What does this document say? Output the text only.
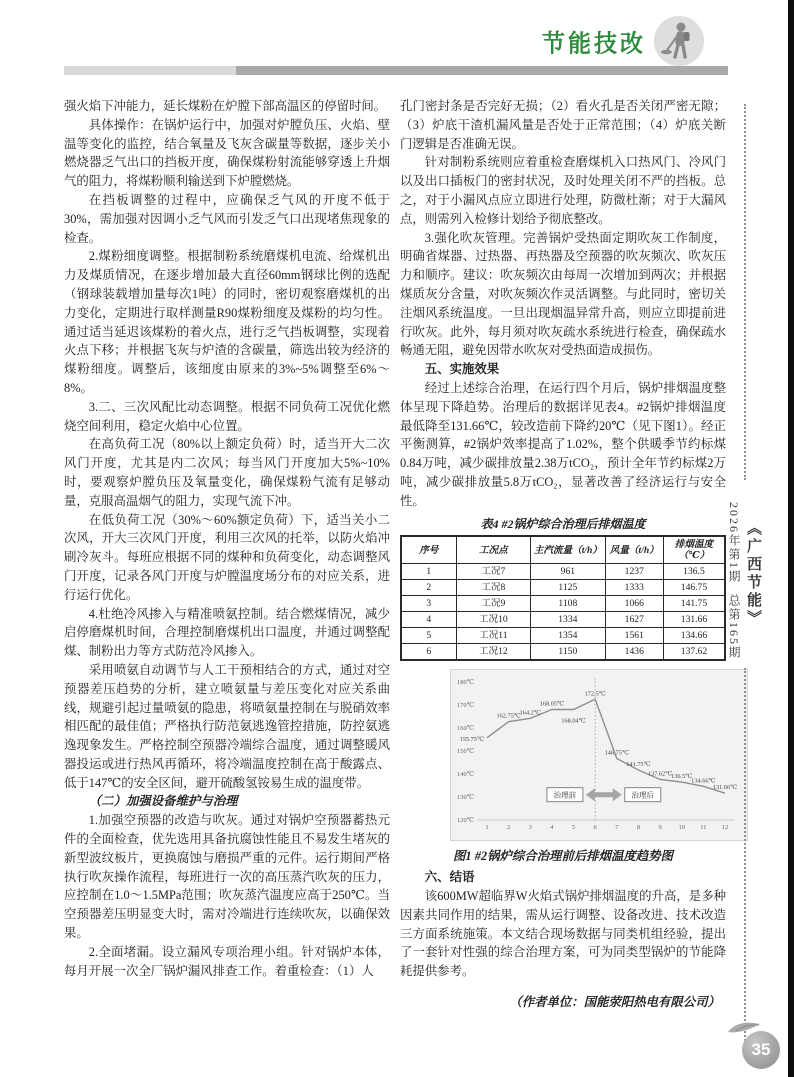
节能技改

强火焰下冲能力，延长煤粉在炉膛下部高温区的停留时间。

具体操作：在锅炉运行中，加强对炉膛负压、火焰、壁温等变化的监控，结合氧量及飞灰含碳量等数据，逐步关小燃烧器乏气出口的挡板开度，确保煤粉射流能够穿透上升烟气的阻力，将煤粉顺利输送到下炉膛燃烧。

在挡板调整的过程中，应确保乏气风的开度不低于30%，需加强对因调小乏气风而引发乏气口出现堵焦现象的检查。

2.煤粉细度调整。根据制粉系统磨煤机电流、给煤机出力及煤质情况，在逐步增加最大直径60mm钢球比例的选配（钢球装载增加量每次1吨）的同时，密切观察磨煤机的出力变化，定期进行取样测量R90煤粉细度及煤粉的均匀性。通过适当延迟该煤粉的着火点，进行乏气挡板调整，实现着火点下移；并根据飞灰与炉渣的含碳量，筛选出较为经济的煤粉细度。调整后，该细度由原来的3%~5%调整至6%～8%。

3.二、三次风配比动态调整。根据不同负荷工况优化燃烧空间利用，稳定火焰中心位置。

在高负荷工况（80%以上额定负荷）时，适当开大二次风门开度，尤其是内二次风；每当风门开度加大5%~10%时，要观察炉膛负压及氧量变化，确保煤粉气流有足够动量，克服高温烟气的阻力，实现气流下冲。

在低负荷工况（30%～60%额定负荷）下，适当关小二次风，开大三次风门开度，利用三次风的托举，以防火焰冲刷冷灰斗。每班应根据不同的煤种和负荷变化，动态调整风门开度，记录各风门开度与炉膛温度场分布的对应关系，进行运行优化。

4.杜绝冷风掺入与精准喷氨控制。结合燃煤情况，减少启停磨煤机时间，合理控制磨煤机出口温度，并通过调整配煤、制粉出力等方式防范冷风掺入。

采用喷氨自动调节与人工干预相结合的方式，通过对空预器差压趋势的分析，建立喷氨量与差压变化对应关系曲线，规避引起过量喷氨的隐患，将喷氨量控制在与脱硝效率相匹配的最佳值；严格执行防范氨逃逸管控措施，防控氨逃逸现象发生。严格控制空预器冷端综合温度，通过调整暖风器投运或进行热风再循环，将冷端温度控制在高于酸露点、低于147℃的安全区间，避开硫酸氢铵易生成的温度带。

（二）加强设备维护与治理

1.加强空预器的改造与吹灰。通过对锅炉空预器蓄热元件的全面检查，优先选用具备抗腐蚀性能且不易发生堵灰的新型波纹板片，更换腐蚀与磨损严重的元件。运行期间严格执行吹灰操作流程，每班进行一次的高压蒸汽吹灰的压力，应控制在1.0～1.5MPa范围；吹灰蒸汽温度应高于250℃。当空预器差压明显变大时，需对冷端进行连续吹灰，以确保效果。

2.全面堵漏。设立漏风专项治理小组。针对锅炉本体，每月开展一次全厂锅炉漏风排查工作。着重检查：（1）人

孔门密封条是否完好无损；（2）看火孔是否关闭严密无隙；（3）炉底干渣机漏风量是否处于正常范围；（4）炉底关断门逻辑是否准确无误。

针对制粉系统则应着重检查磨煤机入口热风门、冷风门以及出口插板门的密封状况，及时处理关闭不严的挡板。总之，对于小漏风点应立即进行处理，防微杜渐；对于大漏风点，则需列入检修计划给予彻底整改。

3.强化吹灰管理。完善锅炉受热面定期吹灰工作制度，明确省煤器、过热器、再热器及空预器的吹灰频次、吹灰压力和顺序。建议：吹灰频次由每周一次增加到两次；并根据煤质灰分含量，对吹灰频次作灵活调整。与此同时，密切关注烟风系统温度。一旦出现烟温异常升高，则应立即提前进行吹灰。此外，每月须对吹灰疏水系统进行检查，确保疏水畅通无阻，避免因带水吹灰对受热面造成损伤。

五、实施效果

经过上述综合治理，在运行四个月后，锅炉排烟温度整体呈现下降趋势。治理后的数据详见表4。#2锅炉排烟温度最低降至131.66℃，较改造前下降约20℃（见下图1）。经正平衡测算，#2锅炉效率提高了1.02%，整个供暖季节约标煤0.84万吨，减少碳排放量2.38万tCO₂，预计全年节约标煤2万吨，减少碳排放量5.8万tCO₂，显著改善了经济运行与安全性。

表4 #2锅炉综合治理后排烟温度

序号	工况点	主汽流量（t/h）	风量（t/h）	排烟温度（℃）
1	工况7	961	1237	136.5
2	工况8	1125	1333	146.75
3	工况9	1108	1066	141.75
4	工况10	1334	1627	131.66
5	工况11	1354	1561	134.66
6	工况12	1150	1436	137.62
120℃
130℃
140℃
150℃
160℃
170℃
180℃
1	2	3	4	5	6	7	8	9	10 11 12
155.75℃
162.75℃
164.2℃
168.05℃
168.04℃
172.5℃
146.75℃
141.75℃
137.62℃
136.5℃
134.66℃
131.66℃
治理前	治理后

图1 #2锅炉综合治理前后排烟温度趋势图

六、结语

该600MW超临界W火焰式锅炉排烟温度的升高，是多种因素共同作用的结果，需从运行调整、设备改进、技术改造三方面系统施策。本文结合现场数据与同类机组经验，提出了一套针对性强的综合治理方案，可为同类型锅炉的节能降耗提供参考。

（作者单位：国能荥阳热电有限公司）

《广西节能》
2026年第1期  总第165期
35
